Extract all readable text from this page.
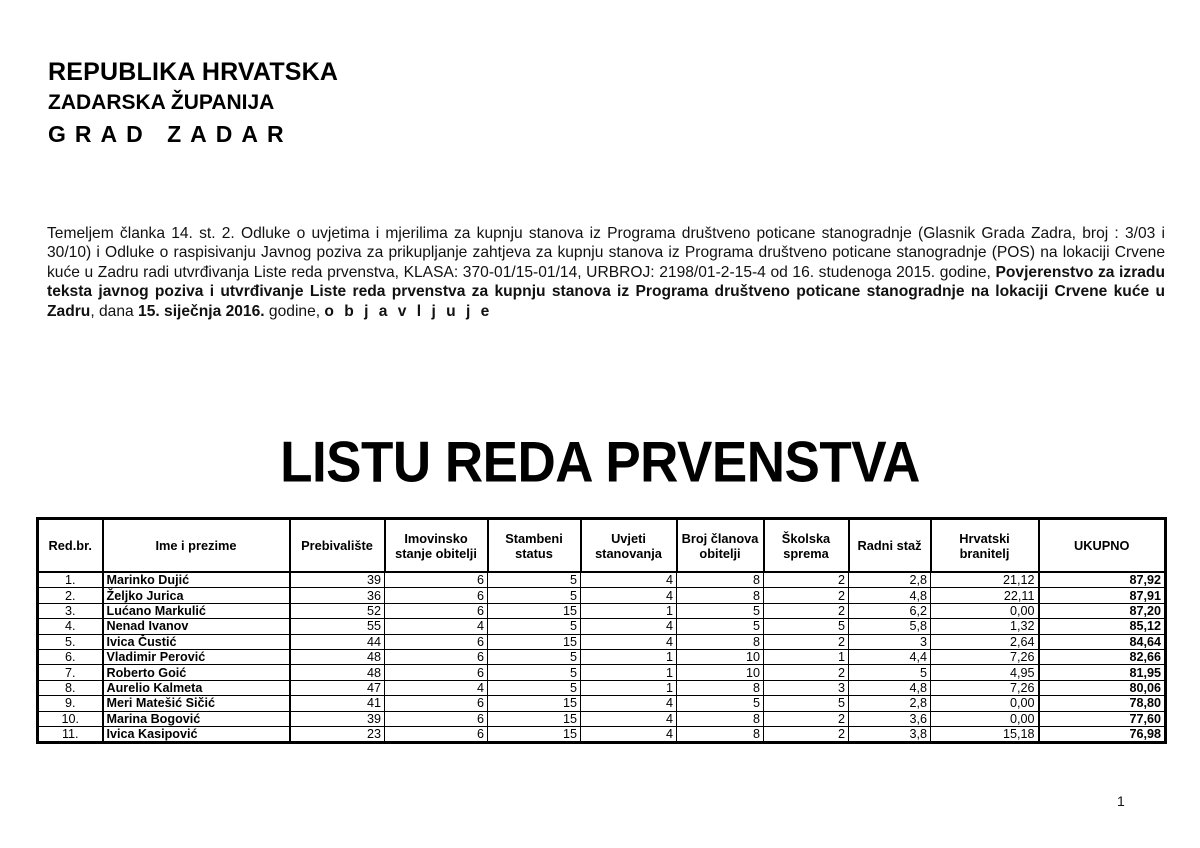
REPUBLIKA HRVATSKA
ZADARSKA ŽUPANIJA
GRAD ZADAR
Temeljem članka 14. st. 2. Odluke o uvjetima i mjerilima za kupnju stanova iz Programa društveno poticane stanogradnje (Glasnik Grada Zadra, broj : 3/03 i 30/10) i Odluke o raspisivanju Javnog poziva za prikupljanje zahtjeva za kupnju stanova iz Programa društveno poticane stanogradnje (POS) na lokaciji Crvene kuće u Zadru radi utvrđivanja Liste reda prvenstva, KLASA: 370-01/15-01/14, URBROJ: 2198/01-2-15-4 od 16. studenoga 2015. godine, Povjerenstvo za izradu teksta javnog poziva i utvrđivanje Liste reda prvenstva za kupnju stanova iz Programa društveno poticane stanogradnje na lokaciji Crvene kuće u Zadru, dana 15. siječnja 2016. godine, o b j a v l j u j e
LISTU REDA PRVENSTVA
Red.br.	Ime i prezime	Prebivalište	Imovinsko stanje obitelji	Stambeni status	Uvjeti stanovanja	Broj članova obitelji	Školska sprema	Radni staž	Hrvatski branitelj	UKUPNO
1.	Marinko Dujić	39	6	5	4	8	2	2,8	21,12	87,92
2.	Željko Jurica	36	6	5	4	8	2	4,8	22,11	87,91
3.	Lućano Markulić	52	6	15	1	5	2	6,2	0,00	87,20
4.	Nenad Ivanov	55	4	5	4	5	5	5,8	1,32	85,12
5.	Ivica Čustić	44	6	15	4	8	2	3	2,64	84,64
6.	Vladimir Perović	48	6	5	1	10	1	4,4	7,26	82,66
7.	Roberto Goić	48	6	5	1	10	2	5	4,95	81,95
8.	Aurelio Kalmeta	47	4	5	1	8	3	4,8	7,26	80,06
9.	Meri Matešić Sičić	41	6	15	4	5	5	2,8	0,00	78,80
10.	Marina Bogović	39	6	15	4	8	2	3,6	0,00	77,60
11.	Ivica Kasipović	23	6	15	4	8	2	3,8	15,18	76,98
1
